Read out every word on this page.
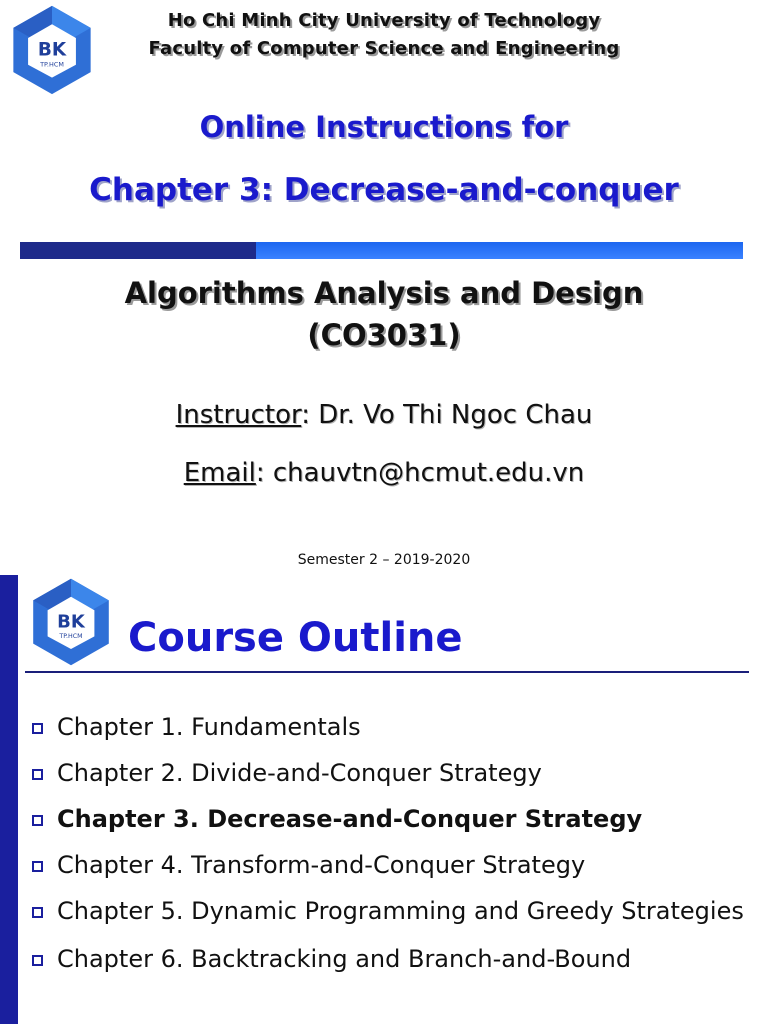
BK
TP.HCM
Ho Chi Minh City University of Technology
Faculty of Computer Science and Engineering
Online Instructions for
Chapter 3: Decrease-and-conquer
Algorithms Analysis and Design
(CO3031)
Instructor: Dr. Vo Thi Ngoc Chau
Email: chauvtn@hcmut.edu.vn
Semester 2 – 2019-2020
BK
TP.HCM Course Outline
Chapter 1. Fundamentals
Chapter 2. Divide-and-Conquer Strategy
Chapter 3. Decrease-and-Conquer Strategy
Chapter 4. Transform-and-Conquer Strategy
Chapter 5. Dynamic Programming and Greedy Strategies
Chapter 6. Backtracking and Branch-and-Bound
